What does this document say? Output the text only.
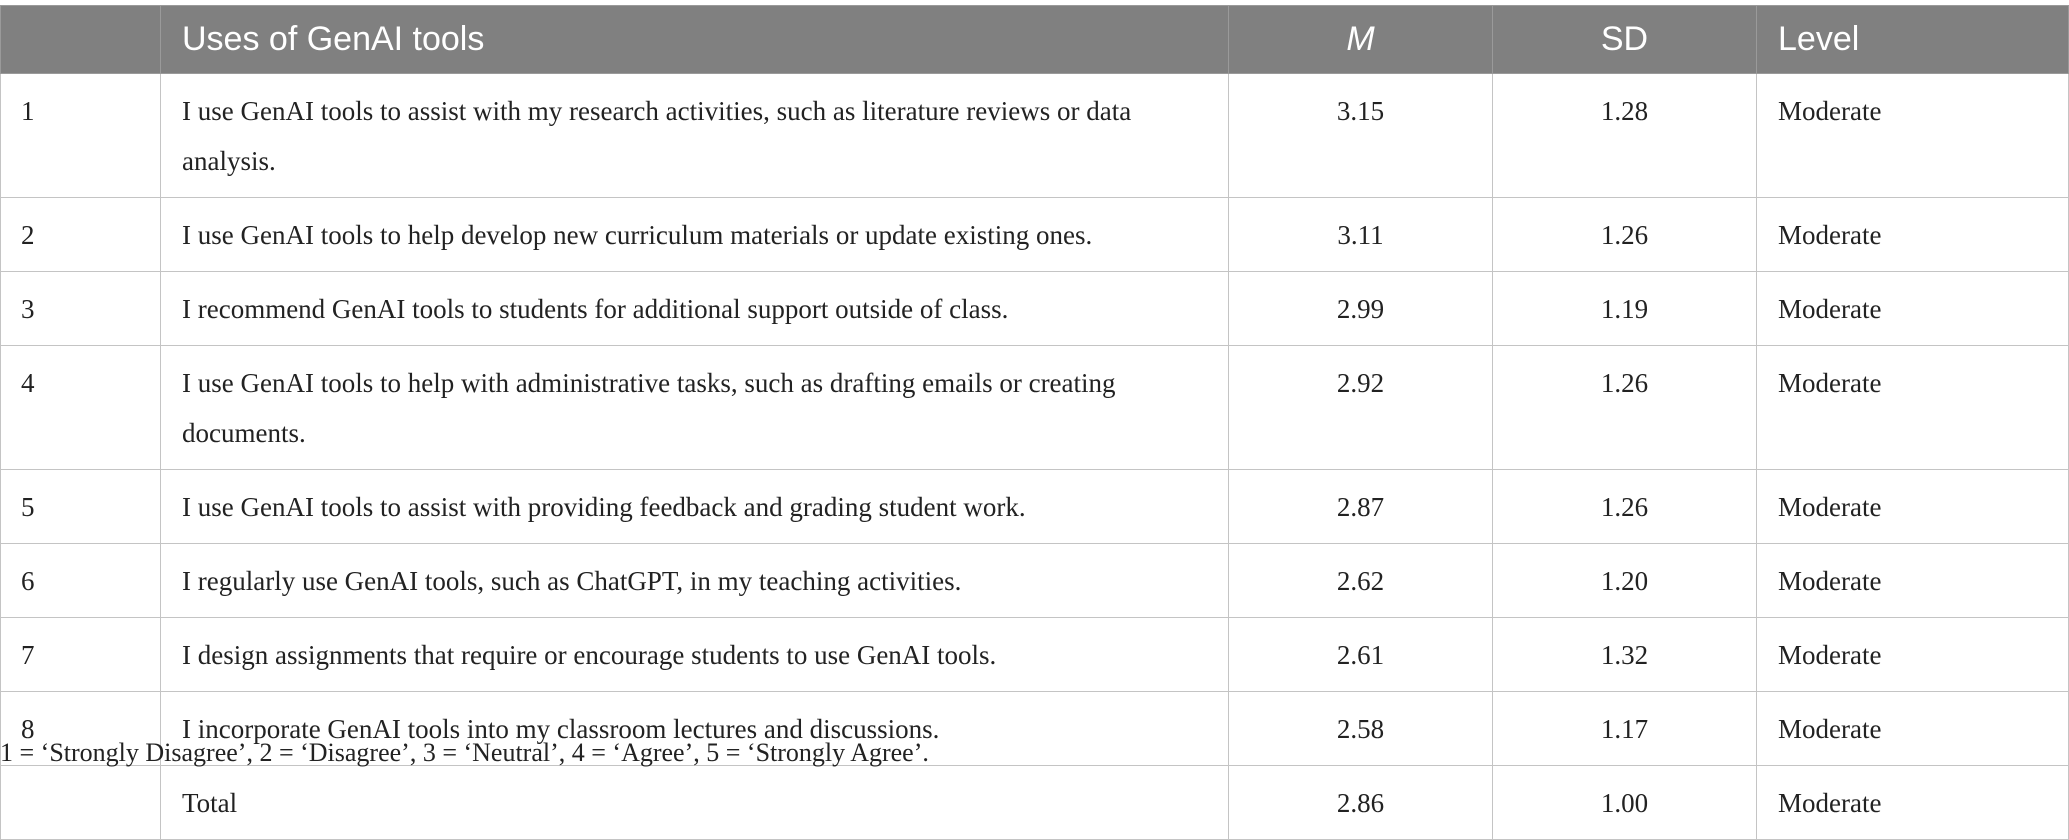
	Uses of GenAI tools	M	SD	Level
1	I use GenAI tools to assist with my research activities, such as literature reviews or data analysis.	3.15	1.28	Moderate
2	I use GenAI tools to help develop new curriculum materials or update existing ones.	3.11	1.26	Moderate
3	I recommend GenAI tools to students for additional support outside of class.	2.99	1.19	Moderate
4	I use GenAI tools to help with administrative tasks, such as drafting emails or creating documents.	2.92	1.26	Moderate
5	I use GenAI tools to assist with providing feedback and grading student work.	2.87	1.26	Moderate
6	I regularly use GenAI tools, such as ChatGPT, in my teaching activities.	2.62	1.20	Moderate
7	I design assignments that require or encourage students to use GenAI tools.	2.61	1.32	Moderate
8	I incorporate GenAI tools into my classroom lectures and discussions.	2.58	1.17	Moderate
	Total	2.86	1.00	Moderate
1 = ‘Strongly Disagree’, 2 = ‘Disagree’, 3 = ‘Neutral’, 4 = ‘Agree’, 5 = ‘Strongly Agree’.
